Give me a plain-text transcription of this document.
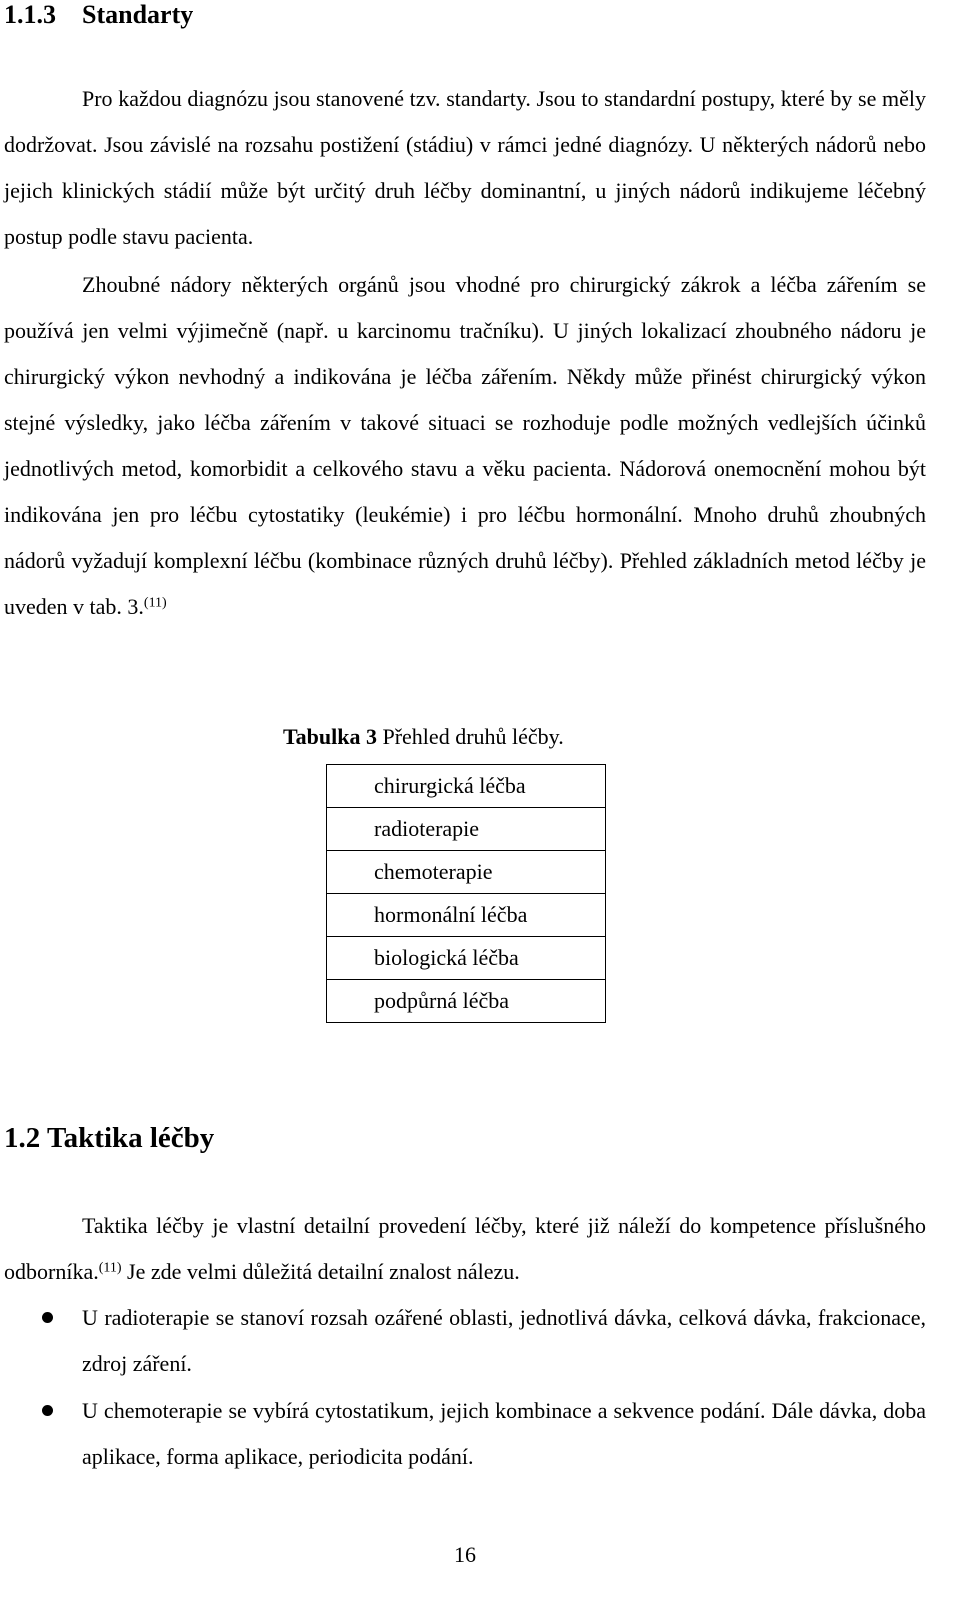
1.1.3 Standarty

Pro každou diagnózu jsou stanovené tzv. standarty. Jsou to standardní postupy, které by se měly dodržovat. Jsou závislé na rozsahu postižení (stádiu) v rámci jedné diagnózy. U některých nádorů nebo jejich klinických stádií může být určitý druh léčby dominantní, u jiných nádorů indikujeme léčebný postup podle stavu pacienta.

Zhoubné nádory některých orgánů jsou vhodné pro chirurgický zákrok a léčba zářením se používá jen velmi výjimečně (např. u karcinomu tračníku). U jiných lokalizací zhoubného nádoru je chirurgický výkon nevhodný a indikována je léčba zářením. Někdy může přinést chirurgický výkon stejné výsledky, jako léčba zářením v takové situaci se rozhoduje podle možných vedlejších účinků jednotlivých metod, komorbidit a celkového stavu a věku pacienta. Nádorová onemocnění mohou být indikována jen pro léčbu cytostatiky (leukémie) i pro léčbu hormonální. Mnoho druhů zhoubných nádorů vyžadují komplexní léčbu (kombinace různých druhů léčby). Přehled základních metod léčby je uveden v tab. 3.$^{(11)}$

Tabulka 3 Přehled druhů léčby.
chirurgická léčba
radioterapie
chemoterapie
hormonální léčba
biologická léčba
podpůrná léčba
1.2 Taktika léčby

Taktika léčby je vlastní detailní provedení léčby, které již náleží do kompetence příslušného odborníka.$^{(11)}$ Je zde velmi důležitá detailní znalost nálezu.

U radioterapie se stanoví rozsah ozářené oblasti, jednotlivá dávka, celková dávka, frakcionace, zdroj záření.
U chemoterapie se vybírá cytostatikum, jejich kombinace a sekvence podání. Dále dávka, doba aplikace, forma aplikace, periodicita podání.
16
